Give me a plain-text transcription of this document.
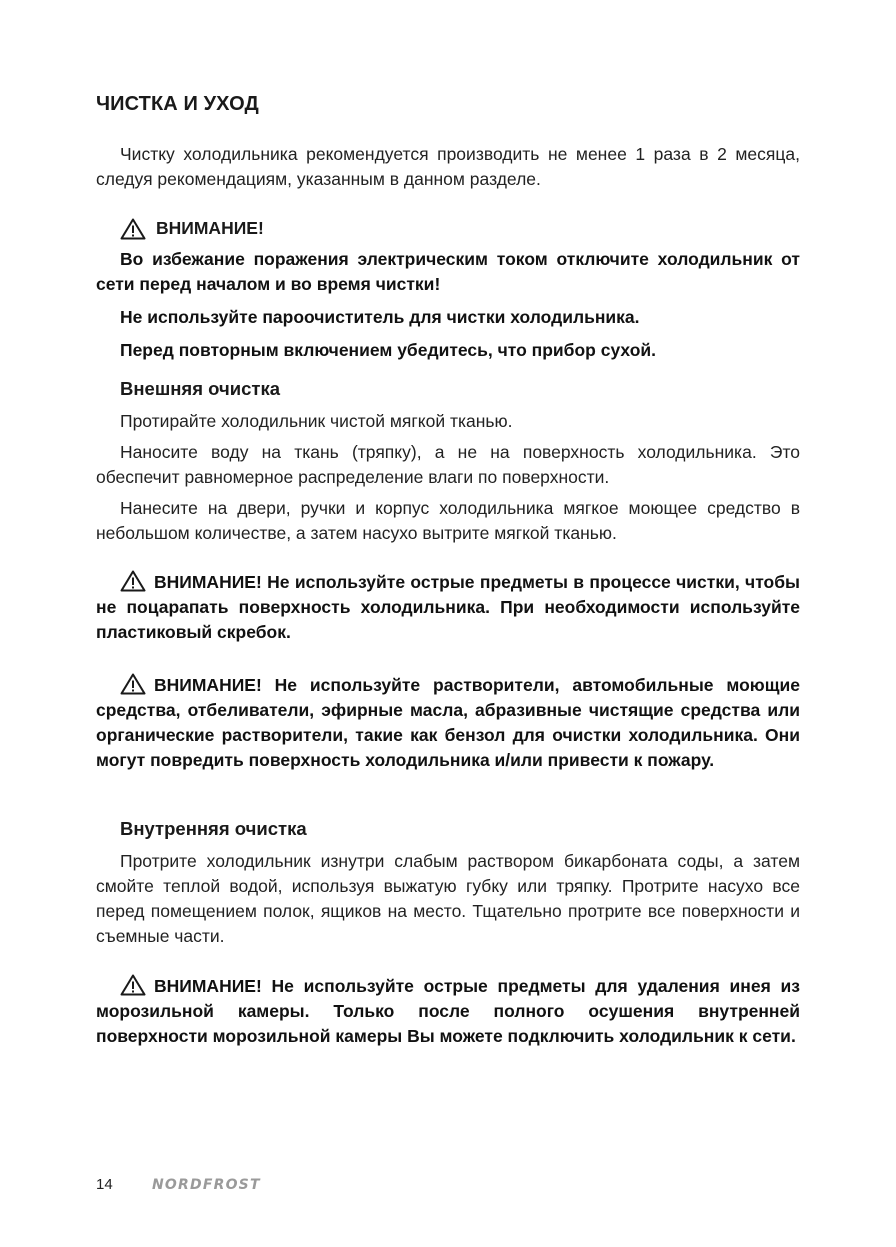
ЧИСТКА И УХОД

Чистку холодильника рекомендуется производить не менее 1 раза в 2 месяца, следуя рекомендациям, указанным в данном разделе.

ВНИМАНИЕ!

Во избежание поражения электрическим током отключите холодильник от сети перед началом и во время чистки!

Не используйте пароочиститель для чистки холодильника.

Перед повторным включением убедитесь, что прибор сухой.

Внешняя очистка

Протирайте холодильник чистой мягкой тканью.

Наносите воду на ткань (тряпку), а не на поверхность холодильника. Это обеспечит равномерное распределение влаги по поверхности.

Нанесите на двери, ручки и корпус холодильника мягкое моющее средство в небольшом количестве, а затем насухо вытрите мягкой тканью.

ВНИМАНИЕ! Не используйте острые предметы в процессе чистки, чтобы не поцарапать поверхность холодильника. При необходимости используйте пластиковый скребок.

ВНИМАНИЕ! Не используйте растворители, автомобильные моющие средства, отбеливатели, эфирные масла, абразивные чистящие средства или органические растворители, такие как бензол для очистки холодильника. Они могут повредить поверхность холодильника и/или привести к пожару.

Внутренняя очистка

Протрите холодильник изнутри слабым раствором бикарбоната соды, а затем смойте теплой водой, используя выжатую губку или тряпку. Протрите насухо все перед помещением полок, ящиков на место. Тщательно протрите все поверхности и съемные части.

ВНИМАНИЕ! Не используйте острые предметы для удаления инея из морозильной камеры. Только после полного осушения внутренней поверхности морозильной камеры Вы можете подключить холодильник к сети.

14	NORDFROST
